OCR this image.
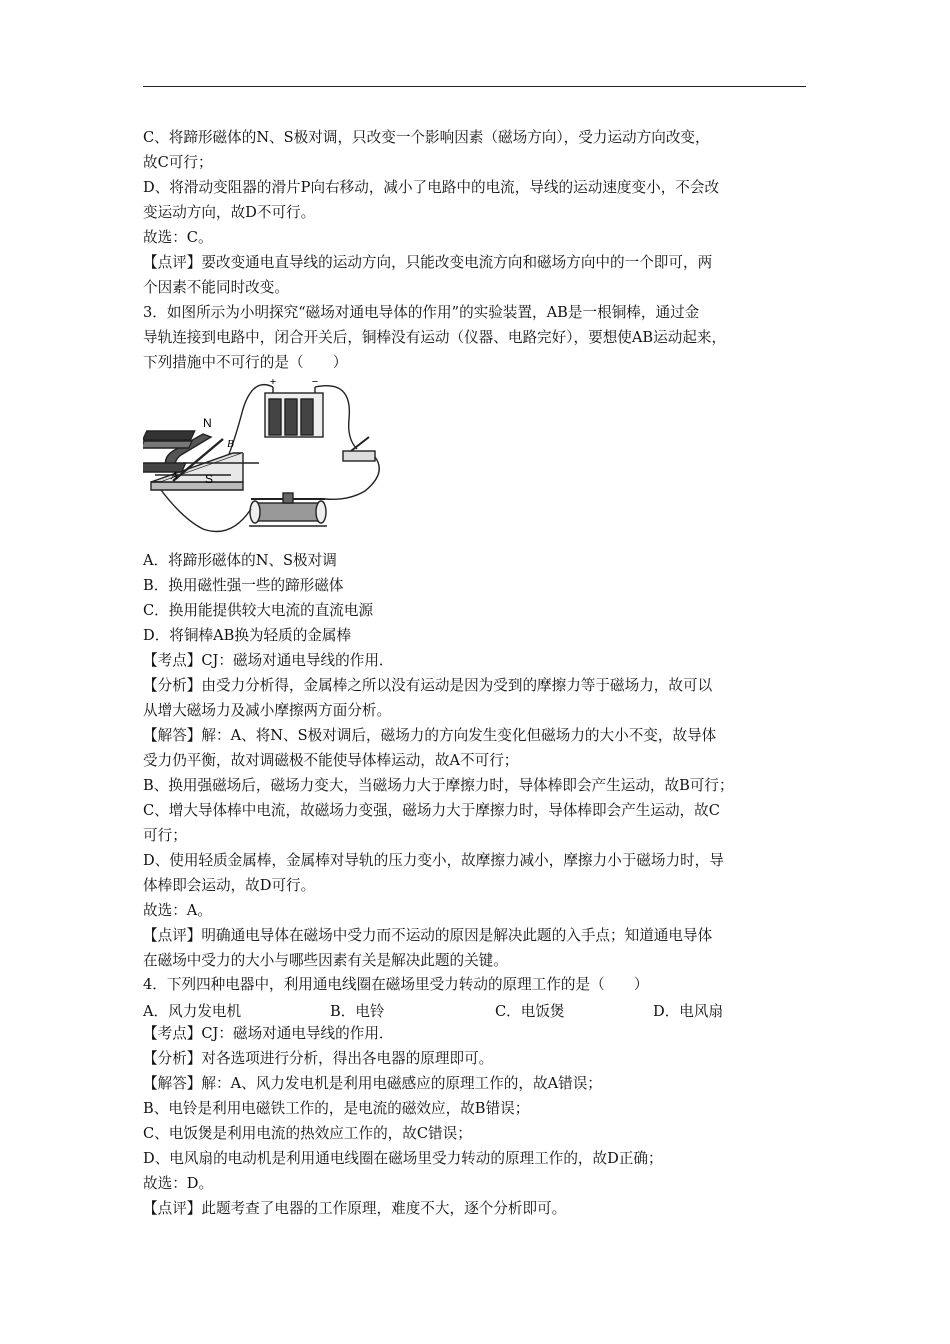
C、将蹄形磁体的N、S极对调，只改变一个影响因素（磁场方向），受力运动方向改变，
故C可行；
D、将滑动变阻器的滑片P向右移动，减小了电路中的电流，导线的运动速度变小，不会改
变运动方向，故D不可行。
故选：C。
【点评】要改变通电直导线的运动方向，只能改变电流方向和磁场方向中的一个即可，两
个因素不能同时改变。
3．如图所示为小明探究“磁场对通电导体的作用”的实验装置，AB是一根铜棒，通过金
导轨连接到电路中，闭合开关后，铜棒没有运动（仪器、电路完好），要想使AB运动起来，
下列措施中不可行的是（　　）
+	−
N
S
B
A
A．将蹄形磁体的N、S极对调
B．换用磁性强一些的蹄形磁体
C．换用能提供较大电流的直流电源
D．将铜棒AB换为轻质的金属棒
【考点】CJ：磁场对通电导线的作用．
【分析】由受力分析得，金属棒之所以没有运动是因为受到的摩擦力等于磁场力，故可以
从增大磁场力及减小摩擦两方面分析。
【解答】解：A、将N、S极对调后，磁场力的方向发生变化但磁场力的大小不变，故导体
受力仍平衡，故对调磁极不能使导体棒运动，故A不可行；
B、换用强磁场后，磁场力变大，当磁场力大于摩擦力时，导体棒即会产生运动，故B可行；
C、增大导体棒中电流，故磁场力变强，磁场力大于摩擦力时，导体棒即会产生运动，故C
可行；
D、使用轻质金属棒，金属棒对导轨的压力变小，故摩擦力减小，摩擦力小于磁场力时，导
体棒即会运动，故D可行。
故选：A。
【点评】明确通电导体在磁场中受力而不运动的原因是解决此题的入手点；知道通电导体
在磁场中受力的大小与哪些因素有关是解决此题的关键。
4．下列四种电器中，利用通电线圈在磁场里受力转动的原理工作的是（　　）
A．风力发电机	B．电铃	C．电饭煲	D．电风扇
【考点】CJ：磁场对通电导线的作用．
【分析】对各选项进行分析，得出各电器的原理即可。
【解答】解：A、风力发电机是利用电磁感应的原理工作的，故A错误；
B、电铃是利用电磁铁工作的，是电流的磁效应，故B错误；
C、电饭煲是利用电流的热效应工作的，故C错误；
D、电风扇的电动机是利用通电线圈在磁场里受力转动的原理工作的，故D正确；
故选：D。
【点评】此题考查了电器的工作原理，难度不大，逐个分析即可。
